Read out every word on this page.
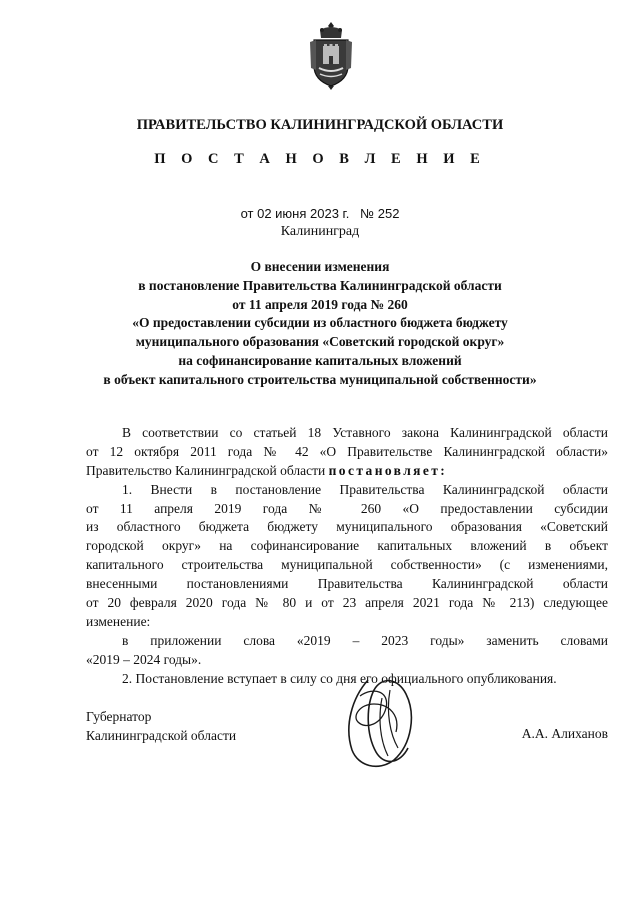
ПРАВИТЕЛЬСТВО КАЛИНИНГРАДСКОЙ ОБЛАСТИ
П О С Т А Н О В Л Е Н И Е
от 02 июня 2023 г. № 252
Калининград
О внесении изменения
в постановление Правительства Калининградской области
от 11 апреля 2019 года № 260
«О предоставлении субсидии из областного бюджета бюджету
муниципального образования «Советский городской округ»
на софинансирование капитальных вложений
в объект капитального строительства муниципальной собственности»
В соответствии со статьей 18 Уставного закона Калининградской области
от 12 октября 2011 года № 42 «О Правительстве Калининградской области»
Правительство Калининградской области постановляет:
1. Внести в постановление Правительства Калининградской области
от 11 апреля 2019 года № 260 «О предоставлении субсидии
из областного бюджета бюджету муниципального образования «Советский
городской округ» на софинансирование капитальных вложений в объект
капитального строительства муниципальной собственности» (с изменениями,
внесенными постановлениями Правительства Калининградской области
от 20 февраля 2020 года № 80 и от 23 апреля 2021 года № 213) следующее
изменение:
в приложении слова «2019 – 2023 годы» заменить словами
«2019 – 2024 годы».
2. Постановление вступает в силу со дня его официального опубликования.
Губернатор
Калининградской области	А.А. Алиханов
